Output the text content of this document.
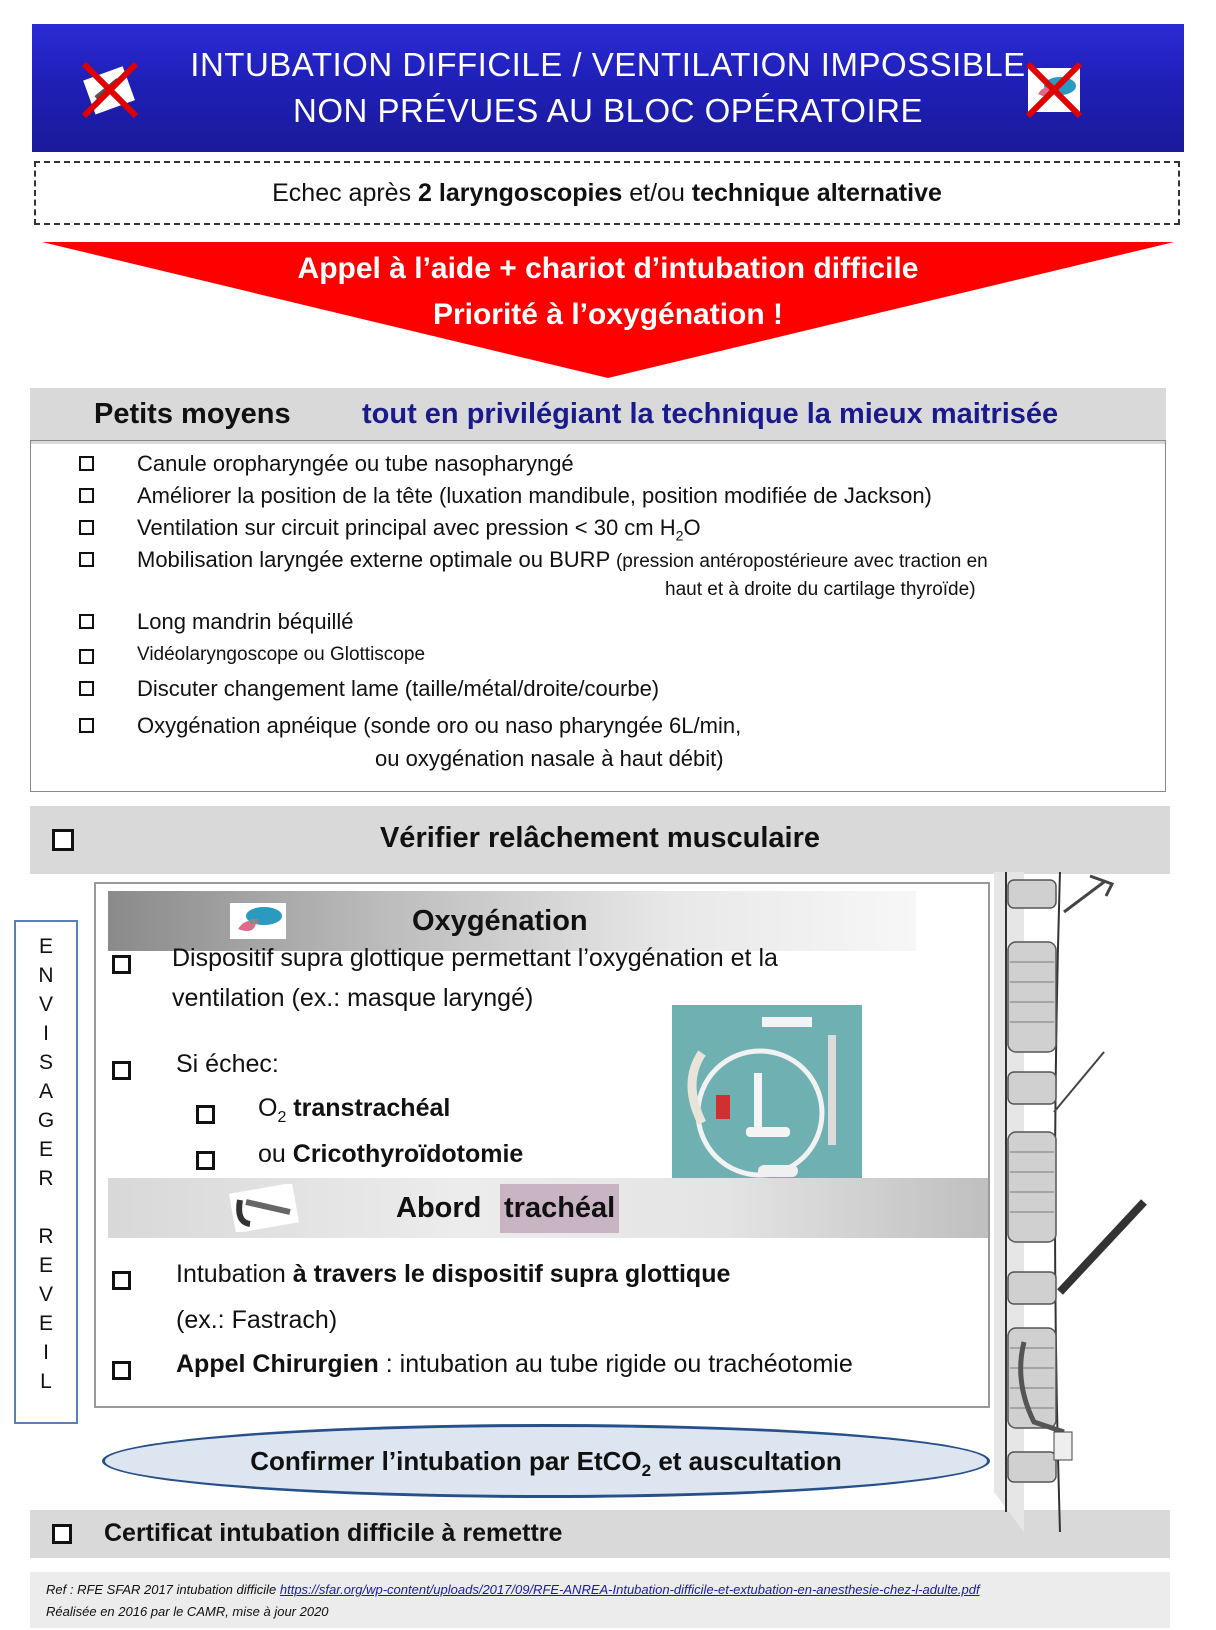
INTUBATION DIFFICILE / VENTILATION IMPOSSIBLE
NON PRÉVUES AU BLOC OPÉRATOIRE
Echec après 2 laryngoscopies et/ou technique alternative
Appel à l’aide + chariot d’intubation difficile
Priorité à l’oxygénation !
Petits moyens tout en privilégiant la technique la mieux maitrisée
Canule oropharyngée ou tube nasopharyngé
Améliorer la position de la tête (luxation mandibule, position modifiée de Jackson)
Ventilation sur circuit principal avec pression < 30 cm $H_2O$
Mobilisation laryngée externe optimale ou BURP (pression antéropostérieure avec traction en
haut et à droite du cartilage thyroïde)
Long mandrin béquillé
Vidéolaryngoscope ou Glottiscope
Discuter changement lame (taille/métal/droite/courbe)
Oxygénation apnéique (sonde oro ou naso pharyngée 6L/min,
ou oxygénation nasale à haut débit)
Vérifier relâchement musculaire
E
N
V
I
S
A
G
E
R
R
E
V
E
I
L
Oxygénation
Dispositif supra glottique permettant l’oxygénation et la
ventilation (ex.: masque laryngé)
Si échec:
$O_2$ transtrachéal
ou Cricothyroïdotomie
Abord trachéal
Intubation à travers le dispositif supra glottique
(ex.: Fastrach)
Appel Chirurgien : intubation au tube rigide ou trachéotomie
Confirmer l’intubation par EtCO$_2$ et auscultation
Certificat intubation difficile à remettre
Ref : RFE SFAR 2017 intubation difficile https://sfar.org/wp-content/uploads/2017/09/RFE-ANREA-Intubation-difficile-et-extubation-en-anesthesie-chez-l-adulte.pdf
Réalisée en 2016 par le CAMR, mise à jour 2020
